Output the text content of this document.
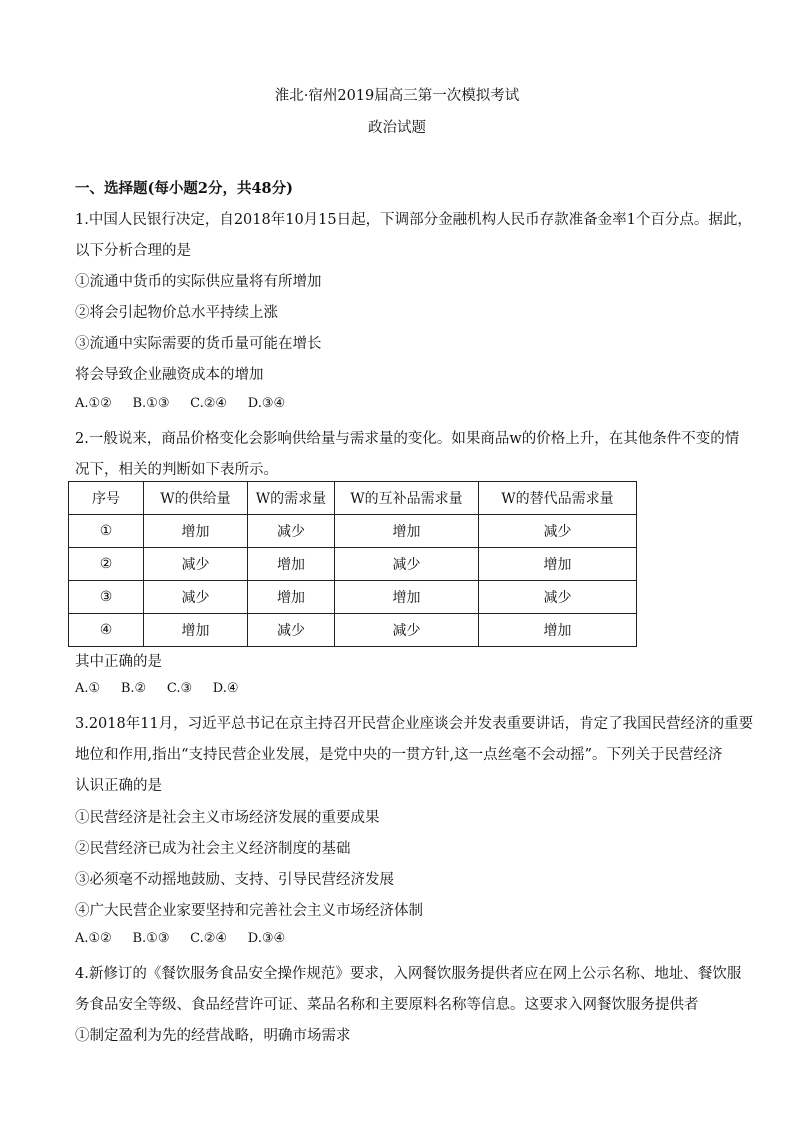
淮北·宿州2019届高三第一次模拟考试
政治试题
一、选择题(每小题2分，共48分)
1.中国人民银行决定，自2018年10月15日起，下调部分金融机构人民币存款准备金率1个百分点。据此，
以下分析合理的是
①流通中货币的实际供应量将有所增加
②将会引起物价总水平持续上涨
③流通中实际需要的货币量可能在增长
将会导致企业融资成本的增加
A.①②     B.①③     C.②④     D.③④
2.一般说来，商品价格变化会影响供给量与需求量的变化。如果商品w的价格上升，在其他条件不变的情
况下，相关的判断如下表所示。
序号	W的供给量	W的需求量	W的互补品需求量	W的替代品需求量
①	增加	减少	增加	减少
②	减少	增加	减少	增加
③	减少	增加	增加	减少
④	增加	减少	减少	增加
其中正确的是
A.①     B.②     C.③     D.④
3.2018年11月，习近平总书记在京主持召开民营企业座谈会并发表重要讲话，肯定了我国民营经济的重要
地位和作用,指出“支持民营企业发展，是党中央的一贯方针,这一点丝毫不会动摇”。下列关于民营经济
认识正确的是
①民营经济是社会主义市场经济发展的重要成果
②民营经济已成为社会主义经济制度的基础
③必须毫不动摇地鼓励、支持、引导民营经济发展
④广大民营企业家要坚持和完善社会主义市场经济体制
A.①②     B.①③     C.②④     D.③④
4.新修订的《餐饮服务食品安全操作规范》要求，入网餐饮服务提供者应在网上公示名称、地址、餐饮服
务食品安全等级、食品经营许可证、菜品名称和主要原料名称等信息。这要求入网餐饮服务提供者
①制定盈利为先的经营战略，明确市场需求
